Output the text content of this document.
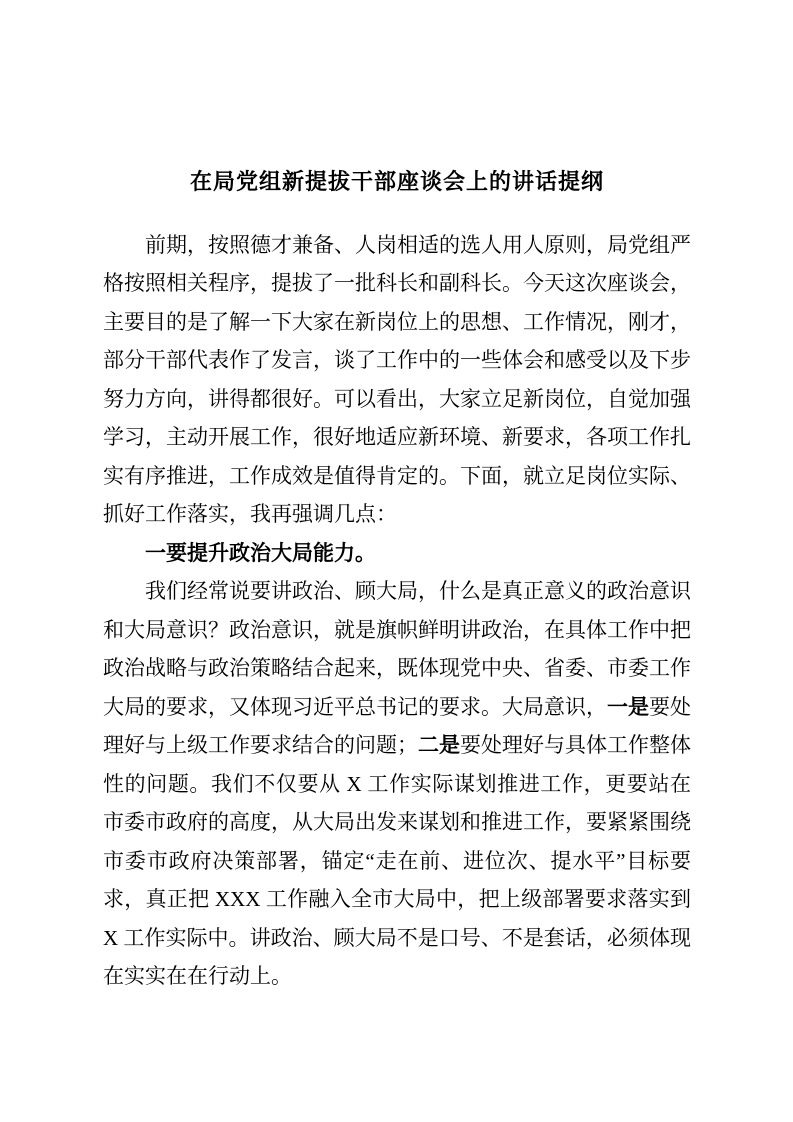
在局党组新提拔干部座谈会上的讲话提纲

前期，按照德才兼备、人岗相适的选人用人原则，局党组严格按照相关程序，提拔了一批科长和副科长。今天这次座谈会，主要目的是了解一下大家在新岗位上的思想、工作情况，刚才，部分干部代表作了发言，谈了工作中的一些体会和感受以及下步努力方向，讲得都很好。可以看出，大家立足新岗位，自觉加强学习，主动开展工作，很好地适应新环境、新要求，各项工作扎实有序推进，工作成效是值得肯定的。下面，就立足岗位实际、抓好工作落实，我再强调几点：

一要提升政治大局能力。

我们经常说要讲政治、顾大局，什么是真正意义的政治意识和大局意识？政治意识，就是旗帜鲜明讲政治，在具体工作中把政治战略与政治策略结合起来，既体现党中央、省委、市委工作大局的要求，又体现习近平总书记的要求。大局意识，一是要处理好与上级工作要求结合的问题；二是要处理好与具体工作整体性的问题。我们不仅要从 X 工作实际谋划推进工作，更要站在市委市政府的高度，从大局出发来谋划和推进工作，要紧紧围绕市委市政府决策部署，锚定“走在前、进位次、提水平”目标要求，真正把 XXX 工作融入全市大局中，把上级部署要求落实到 X 工作实际中。讲政治、顾大局不是口号、不是套话，必须体现在实实在在行动上。
